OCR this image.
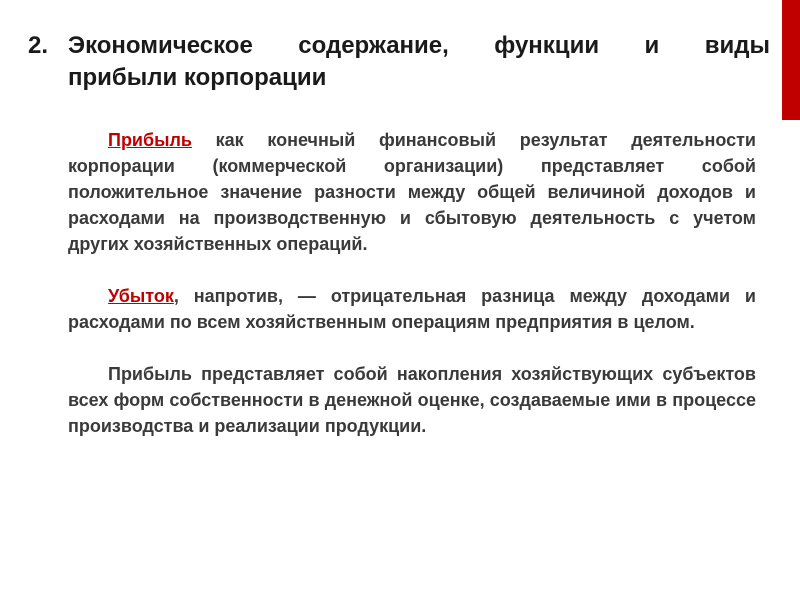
2. Экономическое содержание, функции и виды
прибыли корпорации

Прибыль как конечный финансовый результат деятельности корпорации (коммерческой организации) представляет собой положительное значение разности между общей величиной доходов и расходами на производственную и сбытовую деятельность с учетом других хозяйственных операций.

Убыток, напротив, — отрицательная разница между доходами и расходами по всем хозяйственным операциям предприятия в целом.

Прибыль представляет собой накопления хозяйствующих субъектов всех форм собственности в денежной оценке, создаваемые ими в процессе производства и реализации продукции.
